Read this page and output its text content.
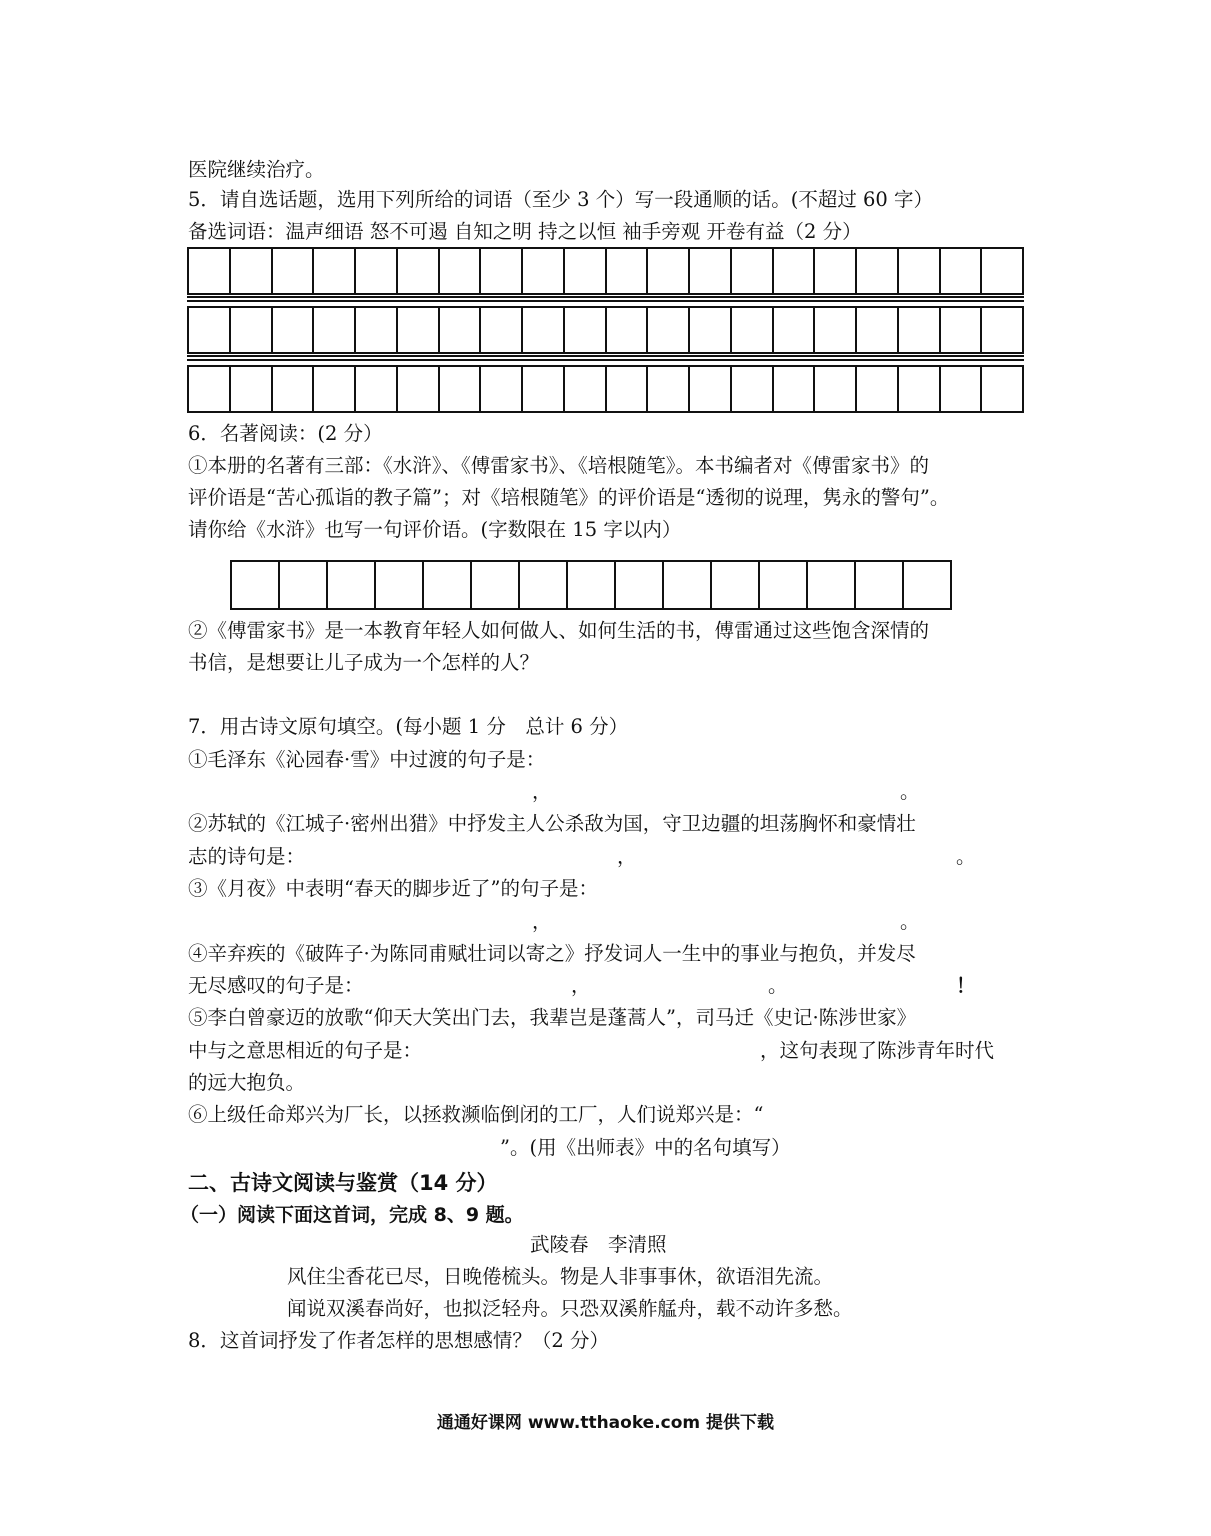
医院继续治疗。
5．请自选话题，选用下列所给的词语（至少 3 个）写一段通顺的话。(不超过 60 字）
备选词语：温声细语 怒不可遏 自知之明 持之以恒 袖手旁观 开卷有益（2 分）

6．名著阅读：(2 分）
①本册的名著有三部：《水浒》、《傅雷家书》、《培根随笔》。本书编者对《傅雷家书》的
评价语是“苦心孤诣的教子篇”；对《培根随笔》的评价语是“透彻的说理，隽永的警句”。
请你给《水浒》也写一句评价语。(字数限在 15 字以内）

②《傅雷家书》是一本教育年轻人如何做人、如何生活的书，傅雷通过这些饱含深情的
书信，是想要让儿子成为一个怎样的人？
7．用古诗文原句填空。(每小题 1 分　总计 6 分）
①毛泽东《沁园春·雪》中过渡的句子是：
，	。
②苏轼的《江城子·密州出猎》中抒发主人公杀敌为国，守卫边疆的坦荡胸怀和豪情壮
志的诗句是：	，	。
③《月夜》中表明“春天的脚步近了”的句子是：
，	。
④辛弃疾的《破阵子·为陈同甫赋壮词以寄之》抒发词人一生中的事业与抱负，并发尽
无尽感叹的句子是：	，	。	！
⑤李白曾豪迈的放歌“仰天大笑出门去，我辈岂是蓬蒿人”，司马迁《史记·陈涉世家》
中与之意思相近的句子是：	，这句表现了陈涉青年时代
的远大抱负。
⑥上级任命郑兴为厂长，以拯救濒临倒闭的工厂，人们说郑兴是：“
”。(用《出师表》中的名句填写）
二、古诗文阅读与鉴赏（14 分）
（一）阅读下面这首词，完成 8、9 题。
武陵春　李清照
风住尘香花已尽，日晚倦梳头。物是人非事事休，欲语泪先流。
闻说双溪春尚好，也拟泛轻舟。只恐双溪舴艋舟，载不动许多愁。
8．这首词抒发了作者怎样的思想感情？（2 分）
通通好课网 www.tthaoke.com 提供下载
